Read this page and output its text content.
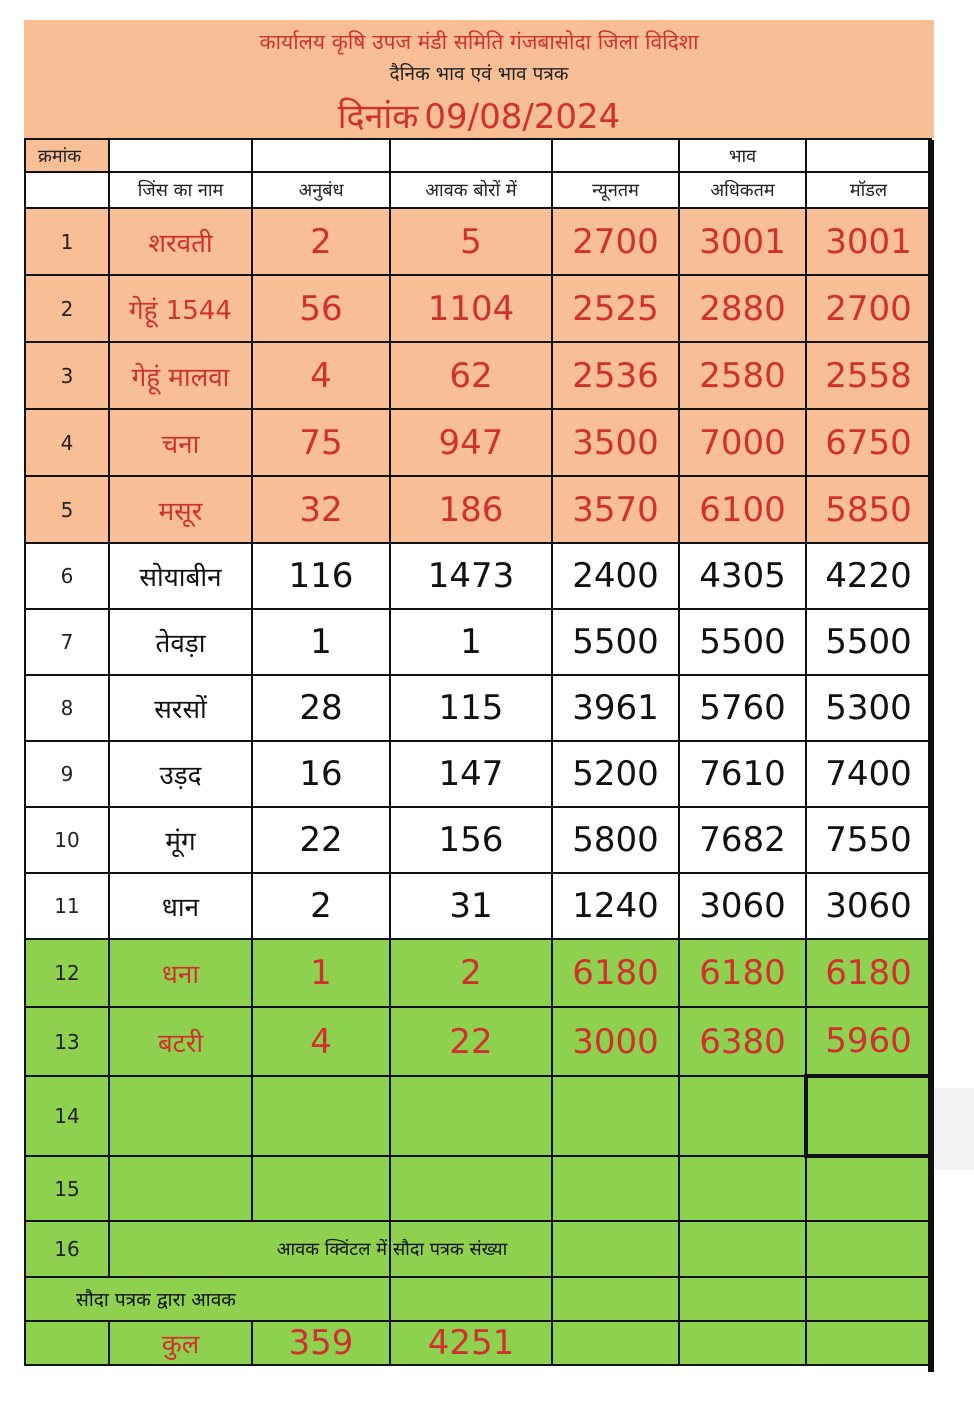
कार्यालय कृषि उपज मंडी समिति गंजबासोदा जिला विदिशा
दैनिक भाव एवं भाव पत्रक
दिनांक 09/08/2024
क्रमांक					भाव	
	जिंस का नाम	अनुबंध	आवक बोरों में	न्यूनतम	अधिकतम	मॉडल
1	शरवती	2	5	2700	3001	3001
2	गेहूं 1544	56	1104	2525	2880	2700
3	गेहूं मालवा	4	62	2536	2580	2558
4	चना	75	947	3500	7000	6750
5	मसूर	32	186	3570	6100	5850
6	सोयाबीन	116	1473	2400	4305	4220
7	तेवड़ा	1	1	5500	5500	5500
8	सरसों	28	115	3961	5760	5300
9	उड़द	16	147	5200	7610	7400
10	मूंग	22	156	5800	7682	7550
11	धान	2	31	1240	3060	3060
12	धना	1	2	6180	6180	6180
13	बटरी	4	22	3000	6380	5960
14						
15						
16	आवक क्विंटल में		सौदा पत्रक संख्या			
सौदा पत्रक द्वारा आवक						
	कुल	359	4251			
